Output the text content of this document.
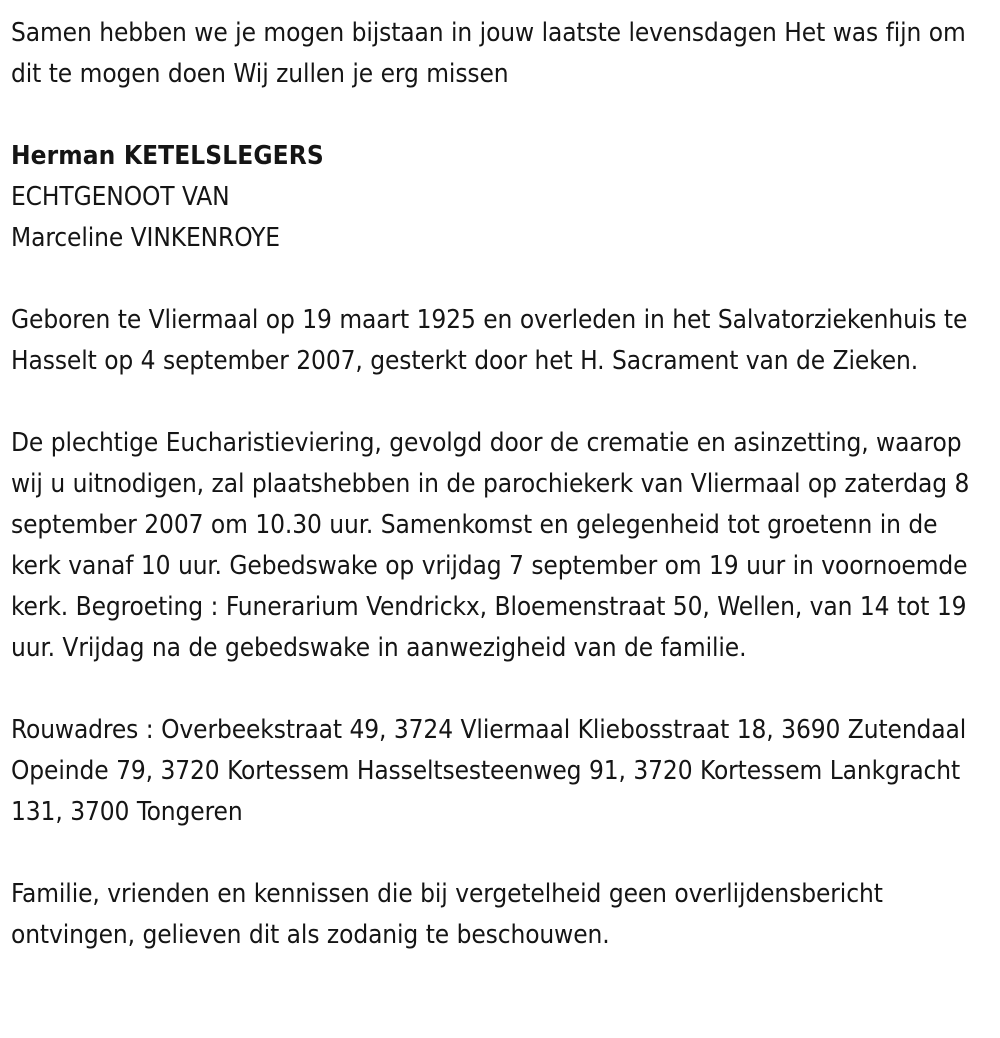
Samen hebben we je mogen bijstaan in jouw laatste levensdagen Het was fijn om dit te mogen doen Wij zullen je erg missen

Herman KETELSLEGERS
ECHTGENOOT VAN
Marceline VINKENROYE

Geboren te Vliermaal op 19 maart 1925 en overleden in het Salvatorziekenhuis te Hasselt op 4 september 2007, gesterkt door het H. Sacrament van de Zieken.

De plechtige Eucharistieviering, gevolgd door de crematie en asinzetting, waarop wij u uitnodigen, zal plaatshebben in de parochiekerk van Vliermaal op zaterdag 8 september 2007 om 10.30 uur. Samenkomst en gelegenheid tot groetenn in de kerk vanaf 10 uur. Gebedswake op vrijdag 7 september om 19 uur in voornoemde kerk. Begroeting : Funerarium Vendrickx, Bloemenstraat 50, Wellen, van 14 tot 19 uur. Vrijdag na de gebedswake in aanwezigheid van de familie.

Rouwadres : Overbeekstraat 49, 3724 Vliermaal Kliebosstraat 18, 3690 Zutendaal Opeinde 79, 3720 Kortessem Hasseltsesteenweg 91, 3720 Kortessem Lankgracht 131, 3700 Tongeren

Familie, vrienden en kennissen die bij vergetelheid geen overlijdensbericht ontvingen, gelieven dit als zodanig te beschouwen.
